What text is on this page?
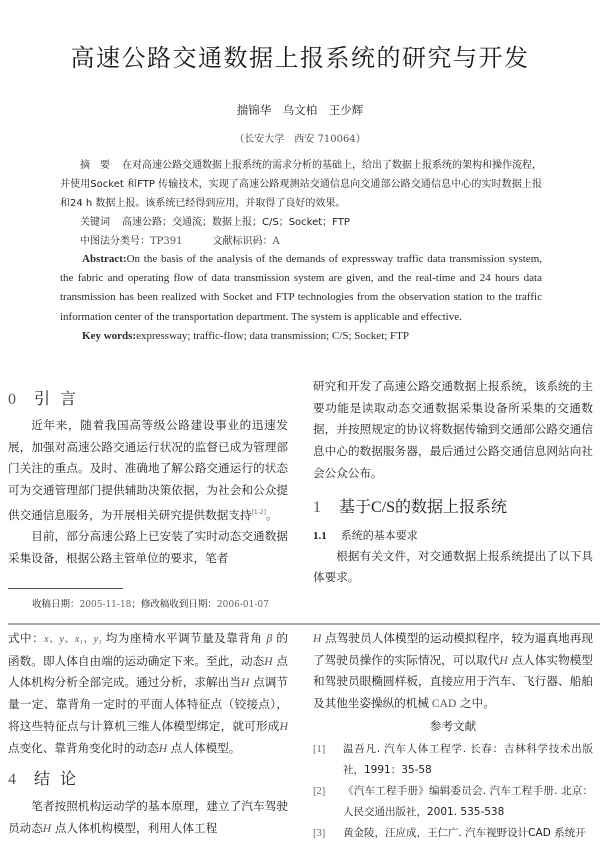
高速公路交通数据上报系统的研究与开发
揣锦华　乌文柏　王少辉
（长安大学　西安 710064）
摘　要 在对高速公路交通数据上报系统的需求分析的基础上，给出了数据上报系统的架构和操作流程，并使用Socket 和FTP 传输技术，实现了高速公路观测站交通信息向交通部公路交通信息中心的实时数据上报和24 h 数据上报。该系统已经得到应用，并取得了良好的效果。
关键词 高速公路；交通流；数据上报；C/S；Socket；FTP
中图法分类号：TP391	文献标识码：A
Abstract:On the basis of the analysis of the demands of expressway traffic data transmission system, the fabric and operating flow of data transmission system are given, and the real-time and 24 hours data transmission has been realized with Socket and FTP technologies from the observation station to the traffic information center of the transportation department. The system is applicable and effective.
Key words:expressway; traffic-flow; data transmission; C/S; Socket; FTP
0	引言
近年来，随着我国高等级公路建设事业的迅速发展，加强对高速公路交通运行状况的监督已成为管理部门关注的重点。及时、准确地了解公路交通运行的状态可为交通管理部门提供辅助决策依据，为社会和公众提供交通信息服务，为开展相关研究提供数据支持[1-2]。
目前，部分高速公路上已安装了实时动态交通数据采集设备，根据公路主管单位的要求，笔者
研究和开发了高速公路交通数据上报系统，该系统的主要功能是读取动态交通数据采集设备所采集的交通数据，并按照规定的协议将数据传输到交通部公路交通信息中心的数据服务器，最后通过公路交通信息网站向社会公众公布。
1	基于 C/S 的数据上报系统
1.1 系统的基本要求
根据有关文件，对交通数据上报系统提出了以下具体要求。
收稿日期：2005-11-18；修改稿收到日期：2006-01-07
式中：x、y、x₁、y₁ 均为座椅水平调节量及靠背角 β 的函数。即人体自由端的运动确定下来。至此，动态H 点人体机构分析全部完成。通过分析，求解出当H 点调节量一定、靠背角一定时的平面人体特征点（铰接点），将这些特征点与计算机三维人体模型绑定，就可形成H 点变化、靠背角变化时的动态H 点人体模型。
4	结论
笔者按照机构运动学的基本原理，建立了汽车驾驶员动态H 点人体机构模型，利用人体工程
H 点驾驶员人体模型的运动模拟程序，较为逼真地再现了驾驶员操作的实际情况，可以取代H 点人体实物模型和驾驶员眼椭圆样板，直接应用于汽车、飞行器、船舶及其他坐姿操纵的机械 CAD 之中。
参考文献
[1]	温吾凡. 汽车人体工程学. 长春：吉林科学技术出版社，1991：35-58
[2]	《汽车工程手册》编辑委员会. 汽车工程手册. 北京：人民交通出版社，2001. 535-538
[3]	黄金陵，汪应成，王仁广. 汽车视野设计CAD 系统开
